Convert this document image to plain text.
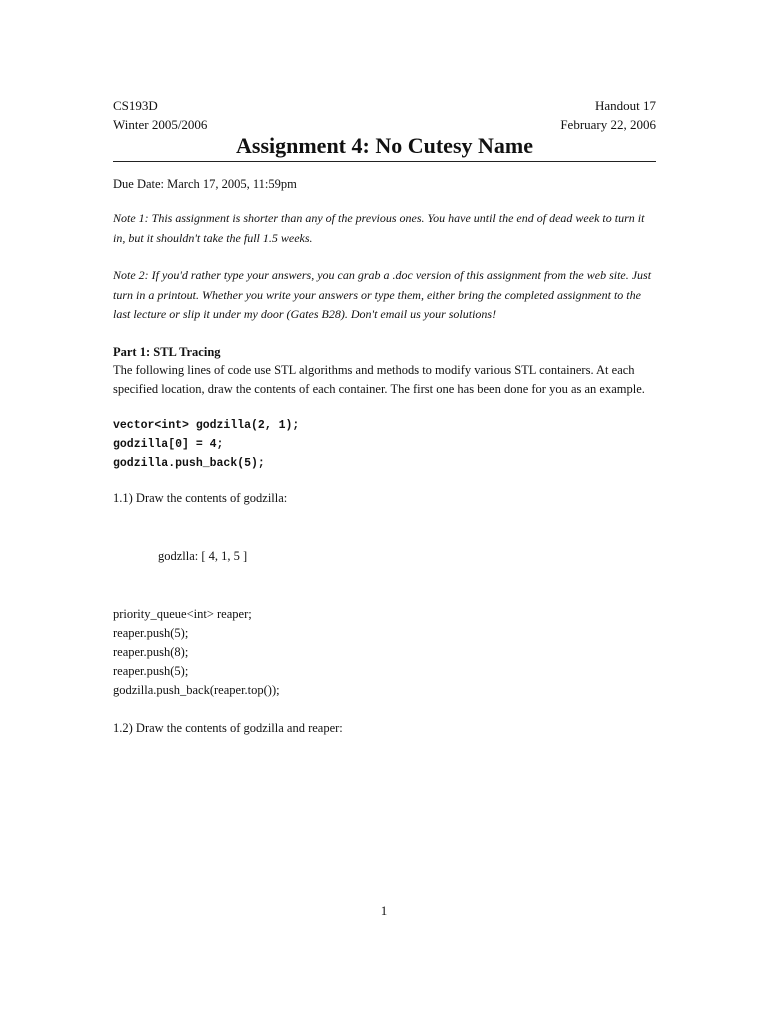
CS193D	Handout 17
Winter 2005/2006	February 22, 2006
Assignment 4: No Cutesy Name
Due Date: March 17, 2005, 11:59pm

Note 1: This assignment is shorter than any of the previous ones. You have until the end of dead week to turn it in, but it shouldn't take the full 1.5 weeks.

Note 2: If you'd rather type your answers, you can grab a .doc version of this assignment from the web site. Just turn in a printout. Whether you write your answers or type them, either bring the completed assignment to the last lecture or slip it under my door (Gates B28). Don't email us your solutions!

Part 1: STL Tracing

The following lines of code use STL algorithms and methods to modify various STL containers. At each specified location, draw the contents of each container. The first one has been done for you as an example.

vector<int> godzilla(2, 1);
godzilla[0] = 4;
godzilla.push_back(5);
1.1) Draw the contents of godzilla:
godzlla: [ 4, 1, 5 ]
priority_queue<int> reaper;
reaper.push(5);
reaper.push(8);
reaper.push(5);
godzilla.push_back(reaper.top());
1.2) Draw the contents of godzilla and reaper:
1
